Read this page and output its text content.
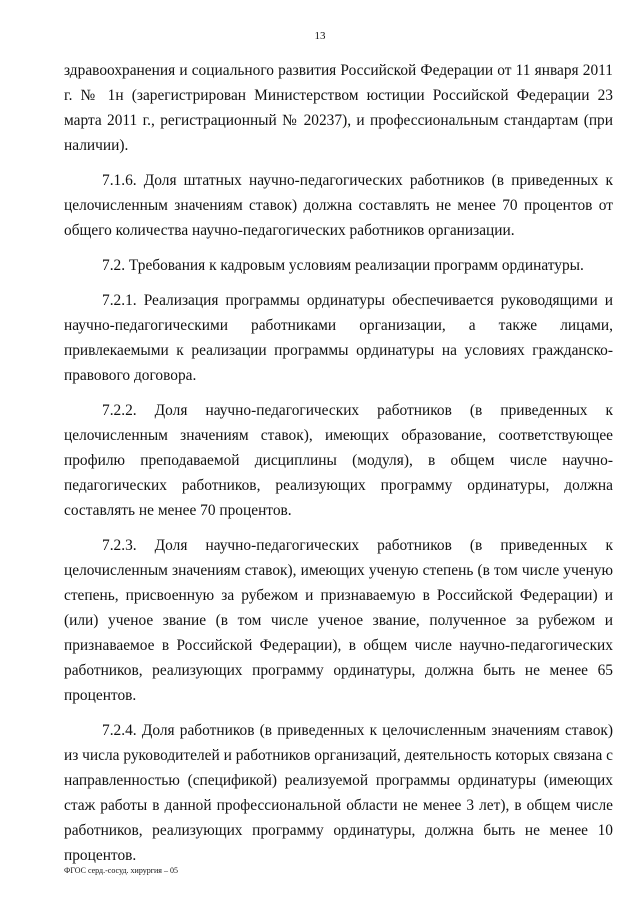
13

здравоохранения и социального развития Российской Федерации от 11 января 2011 г. № 1н (зарегистрирован Министерством юстиции Российской Федерации 23 марта 2011 г., регистрационный № 20237), и профессиональным стандартам (при наличии).

7.1.6. Доля штатных научно-педагогических работников (в приведенных к целочисленным значениям ставок) должна составлять не менее 70 процентов от общего количества научно-педагогических работников организации.

7.2. Требования к кадровым условиям реализации программ ординатуры.

7.2.1. Реализация программы ординатуры обеспечивается руководящими и научно-педагогическими работниками организации, а также лицами, привлекаемыми к реализации программы ординатуры на условиях гражданско-правового договора.

7.2.2. Доля научно-педагогических работников (в приведенных к целочисленным значениям ставок), имеющих образование, соответствующее профилю преподаваемой дисциплины (модуля), в общем числе научно-педагогических работников, реализующих программу ординатуры, должна составлять не менее 70 процентов.

7.2.3. Доля научно-педагогических работников (в приведенных к целочисленным значениям ставок), имеющих ученую степень (в том числе ученую степень, присвоенную за рубежом и признаваемую в Российской Федерации) и (или) ученое звание (в том числе ученое звание, полученное за рубежом и признаваемое в Российской Федерации), в общем числе научно-педагогических работников, реализующих программу ординатуры, должна быть не менее 65 процентов.

7.2.4. Доля работников (в приведенных к целочисленным значениям ставок) из числа руководителей и работников организаций, деятельность которых связана с направленностью (спецификой) реализуемой программы ординатуры (имеющих стаж работы в данной профессиональной области не менее 3 лет), в общем числе работников, реализующих программу ординатуры, должна быть не менее 10 процентов.

ФГОС серд.-сосуд. хирургия – 05
